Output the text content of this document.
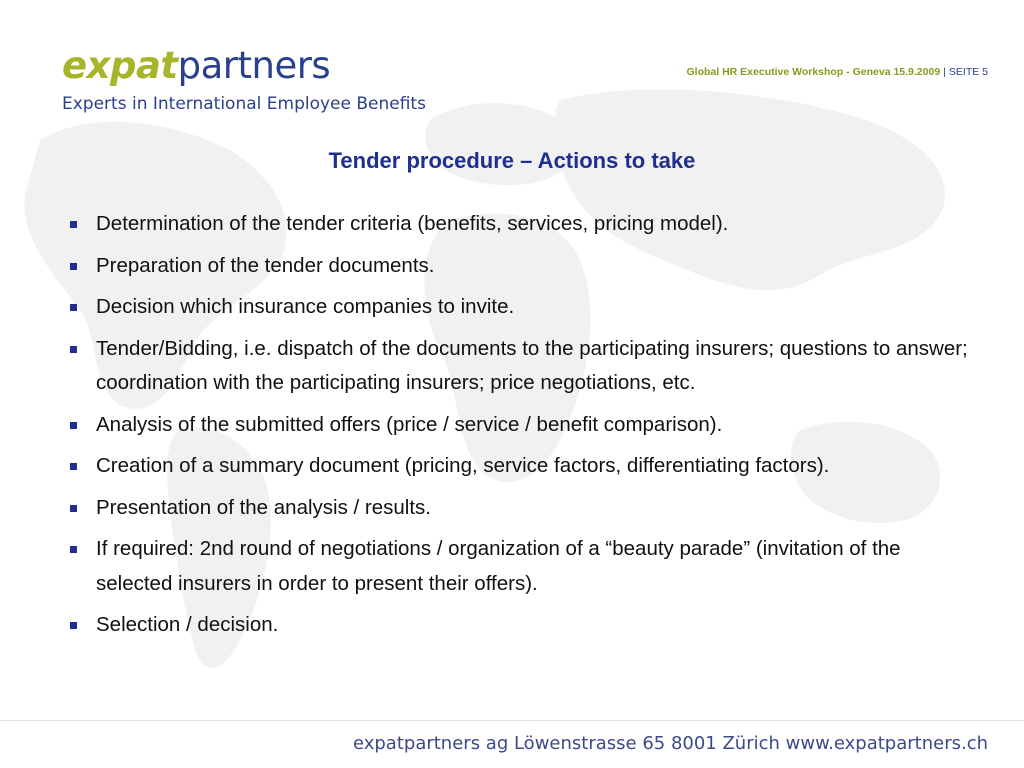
expatpartners
Experts in International Employee Benefits
Global HR Executive Workshop - Geneva 15.9.2009 | SEITE 5
Tender procedure – Actions to take
Determination of the tender criteria (benefits, services, pricing model).
Preparation of the tender documents.
Decision which insurance companies to invite.
Tender/Bidding, i.e. dispatch of the documents to the participating insurers; questions to answer; coordination with the participating insurers; price negotiations, etc.
Analysis of the submitted offers (price / service / benefit comparison).
Creation of a summary document (pricing, service factors, differentiating factors).
Presentation of the analysis / results.
If required: 2nd round of negotiations / organization of a “beauty parade” (invitation of the selected insurers in order to present their offers).
Selection / decision.
expatpartners ag Löwenstrasse 65 8001 Zürich www.expatpartners.ch
